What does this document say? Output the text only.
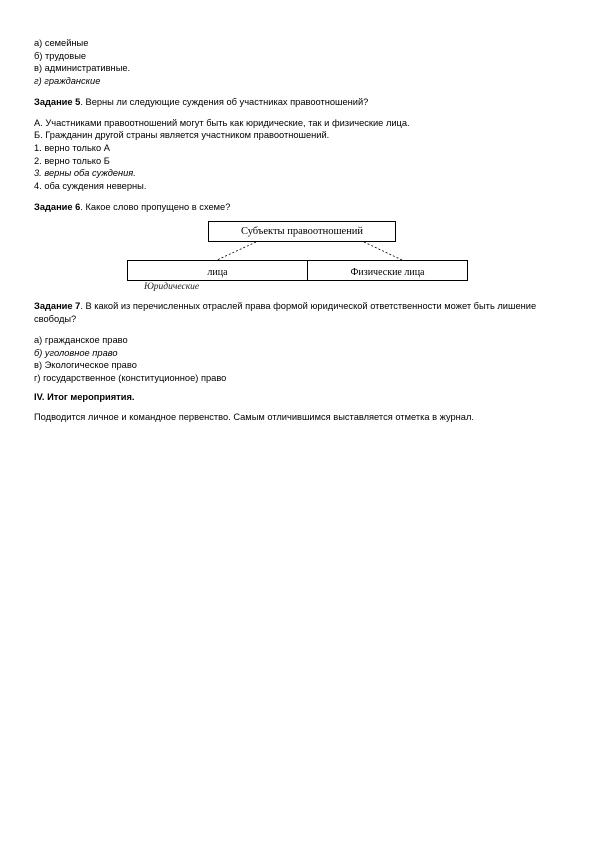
а) семейные
б) трудовые
в) административные.
г) гражданские
Задание 5. Верны ли следующие суждения об участниках правоотношений?
А. Участниками правоотношений могут быть как юридические, так и физические лица.
Б. Гражданин другой страны является участником правоотношений.
1. верно только А
2. верно только Б
3. верны оба суждения.
4. оба суждения неверны.
Задание 6. Какое слово пропущено в схеме?
Субъекты правоотношений
лица	Физические лица
Юридические
Задание 7. В какой из перечисленных отраслей права формой юридической ответственности может быть лишение свободы?
а) гражданское право
б) уголовное право
в) Экологическое право
г) государственное (конституционное) право
IV. Итог мероприятия.
Подводится личное и командное первенство. Самым отличившимся выставляется отметка в журнал.
